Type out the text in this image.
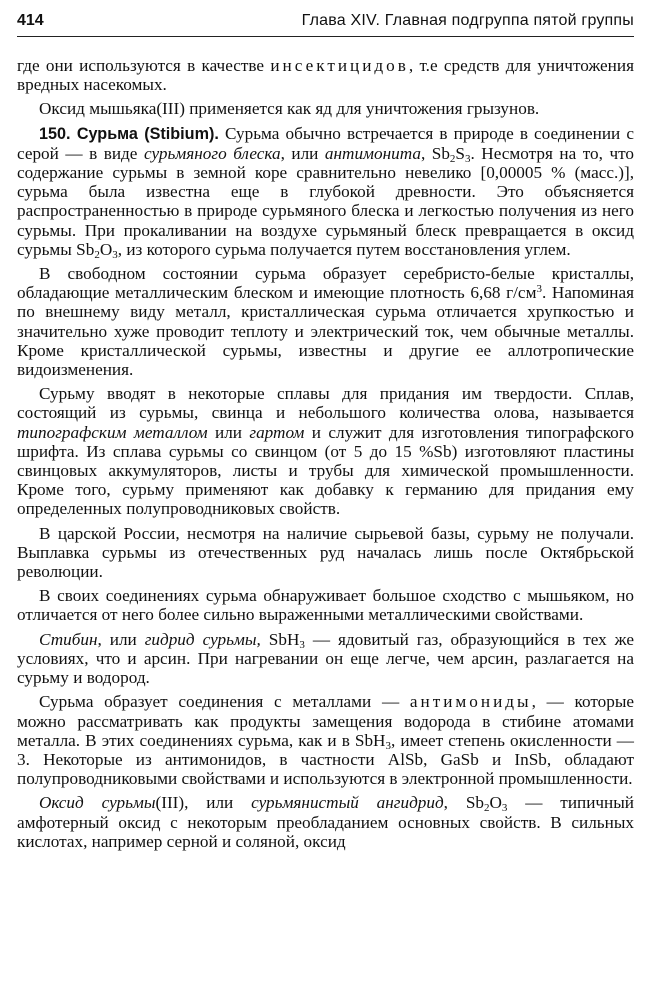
414	Глава XIV. Главная подгруппа пятой группы

где они используются в качестве инсектицидов, т.е средств для уничтожения вредных насекомых.

Оксид мышьяка(III) применяется как яд для уничтожения грызунов.

150. Сурьма (Stibium). Сурьма обычно встречается в природе в соединении с серой — в виде сурьмяного блеска, или антимонита, $Sb_2S_3$. Несмотря на то, что содержание сурьмы в земной коре сравнительно невелико [0,00005 % (масс.)], сурьма была известна еще в глубокой древности. Это объясняется распространенностью в природе сурьмяного блеска и легкостью получения из него сурьмы. При прокаливании на воздухе сурьмяный блеск превращается в оксид сурьмы $Sb_2O_3$, из которого сурьма получается путем восстановления углем.

В свободном состоянии сурьма образует серебристо-белые кристаллы, обладающие металлическим блеском и имеющие плотность 6,68 $г/см^3$. Напоминая по внешнему виду металл, кристаллическая сурьма отличается хрупкостью и значительно хуже проводит теплоту и электрический ток, чем обычные металлы. Кроме кристаллической сурьмы, известны и другие ее аллотропические видоизменения.

Сурьму вводят в некоторые сплавы для придания им твердости. Сплав, состоящий из сурьмы, свинца и небольшого количества олова, называется типографским металлом или гартом и служит для изготовления типографского шрифта. Из сплава сурьмы со свинцом (от 5 до 15 %Sb) изготовляют пластины свинцовых аккумуляторов, листы и трубы для химической промышленности. Кроме того, сурьму применяют как добавку к германию для придания ему определенных полупроводниковых свойств.

В царской России, несмотря на наличие сырьевой базы, сурьму не получали. Выплавка сурьмы из отечественных руд началась лишь после Октябрьской революции.

В своих соединениях сурьма обнаруживает большое сходство с мышьяком, но отличается от него более сильно выраженными металлическими свойствами.

Стибин, или гидрид сурьмы, SbH$_3$ — ядовитый газ, образующийся в тех же условиях, что и арсин. При нагревании он еще легче, чем арсин, разлагается на сурьму и водород.

Сурьма образует соединения с металлами — антимониды, — которые можно рассматривать как продукты замещения водорода в стибине атомами металла. В этих соединениях сурьма, как и в SbH$_3$, имеет степень окисленности —3. Некоторые из антимонидов, в частности AlSb, GaSb и InSb, обладают полупроводниковыми свойствами и используются в электронной промышленности.

Оксид сурьмы(III), или сурьмянистый ангидрид, $Sb_2O_3$ — типичный амфотерный оксид с некоторым преобладанием основных свойств. В сильных кислотах, например серной и соляной, оксид
